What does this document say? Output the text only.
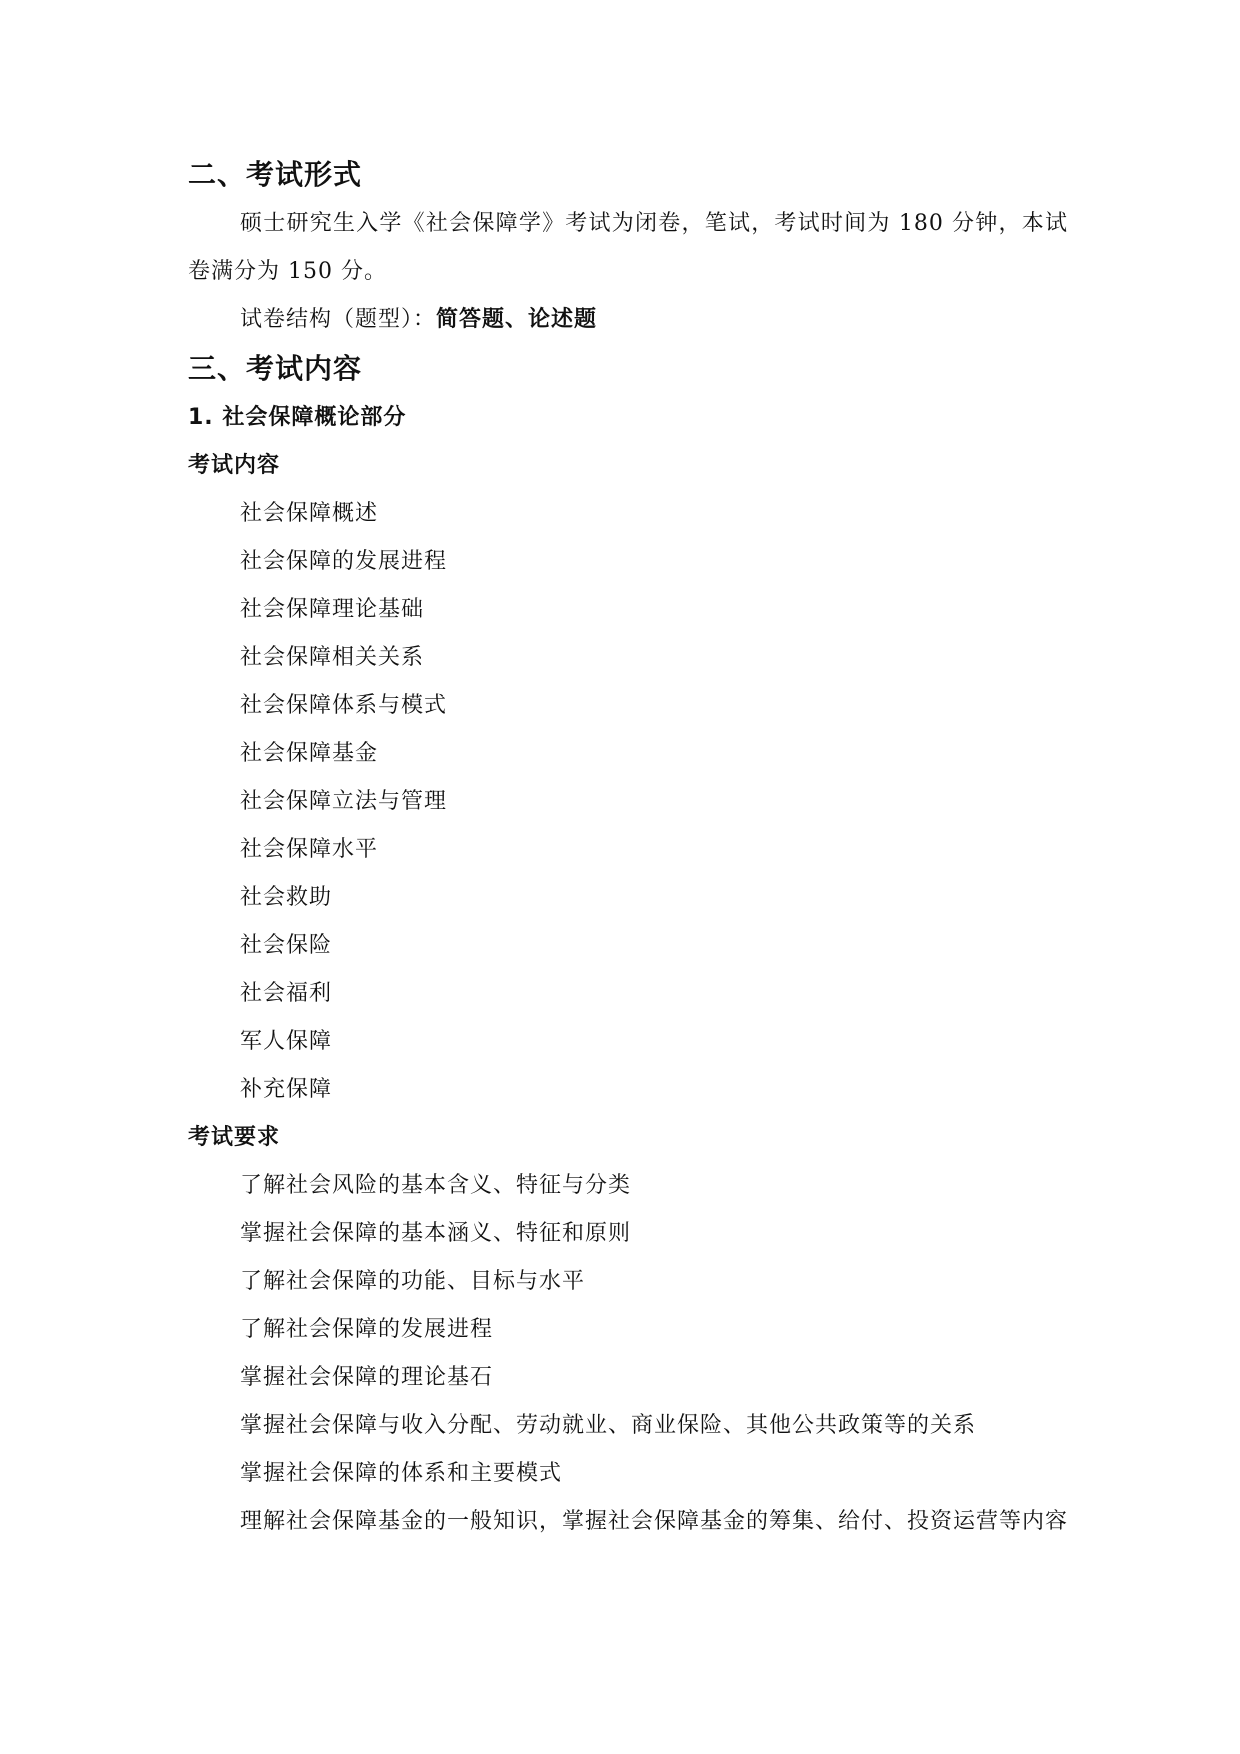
二、考试形式
硕士研究生入学《社会保障学》考试为闭卷，笔试，考试时间为 180 分钟，本试卷满分为 150 分。
试卷结构（题型）：简答题、论述题
三、考试内容
1. 社会保障概论部分
考试内容
社会保障概述
社会保障的发展进程
社会保障理论基础
社会保障相关关系
社会保障体系与模式
社会保障基金
社会保障立法与管理
社会保障水平
社会救助
社会保险
社会福利
军人保障
补充保障
考试要求
了解社会风险的基本含义、特征与分类
掌握社会保障的基本涵义、特征和原则
了解社会保障的功能、目标与水平
了解社会保障的发展进程
掌握社会保障的理论基石
掌握社会保障与收入分配、劳动就业、商业保险、其他公共政策等的关系
掌握社会保障的体系和主要模式
理解社会保障基金的一般知识，掌握社会保障基金的筹集、给付、投资运营等内容
